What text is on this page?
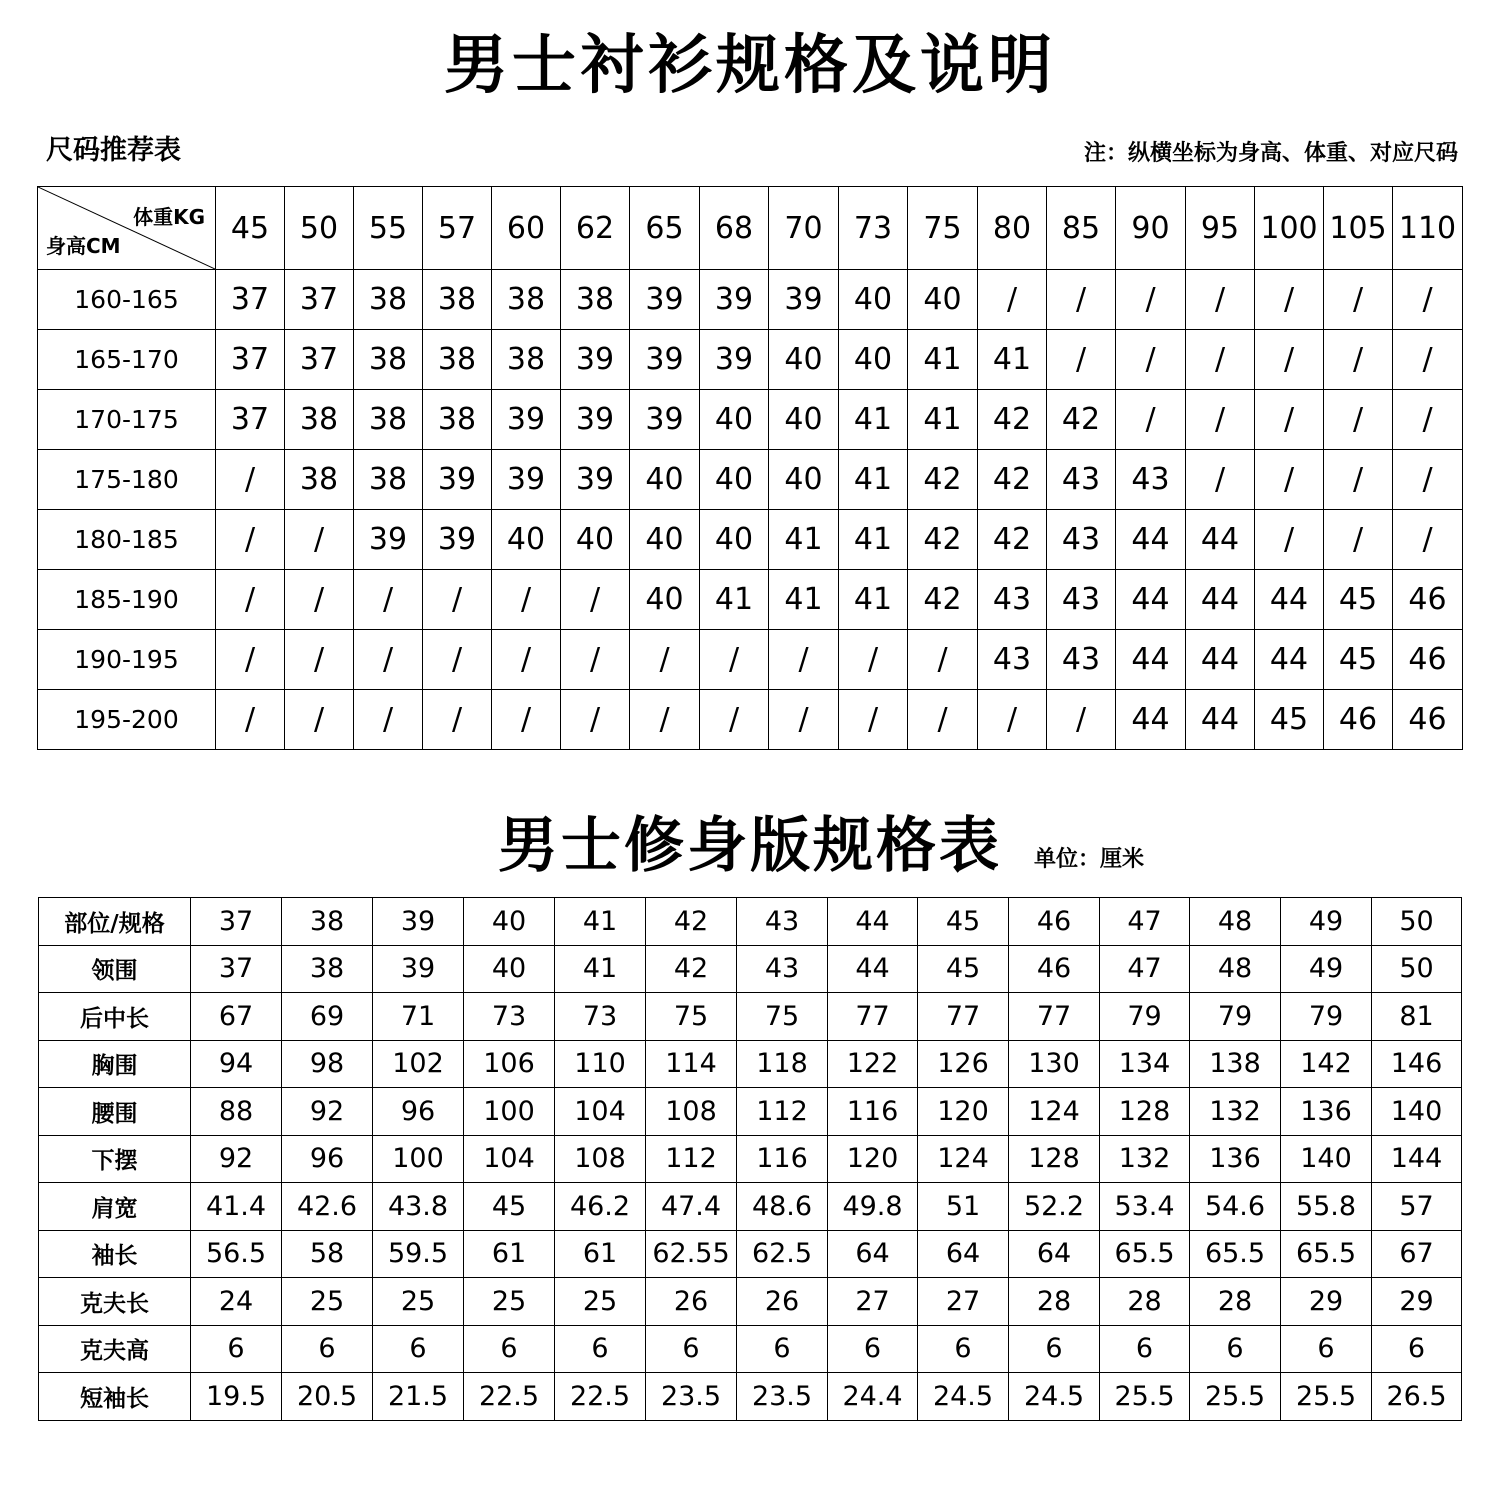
男士衬衫规格及说明
尺码推荐表	注：纵横坐标为身高、体重、对应尺码
体重KG
身高CM	45	50	55	57	60	62	65	68	70	73	75	80	85	90	95	100	105	110
160-165	37	37	38	38	38	38	39	39	39	40	40	/	/	/	/	/	/	/
165-170	37	37	38	38	38	39	39	39	40	40	41	41	/	/	/	/	/	/
170-175	37	38	38	38	39	39	39	40	40	41	41	42	42	/	/	/	/	/
175-180	/	38	38	39	39	39	40	40	40	41	42	42	43	43	/	/	/	/
180-185	/	/	39	39	40	40	40	40	41	41	42	42	43	44	44	/	/	/
185-190	/	/	/	/	/	/	40	41	41	41	42	43	43	44	44	44	45	46
190-195	/	/	/	/	/	/	/	/	/	/	/	43	43	44	44	44	45	46
195-200	/	/	/	/	/	/	/	/	/	/	/	/	/	44	44	45	46	46
男士修身版规格表 单位：厘米
部位/规格	37	38	39	40	41	42	43	44	45	46	47	48	49	50
领围	37	38	39	40	41	42	43	44	45	46	47	48	49	50
后中长	67	69	71	73	73	75	75	77	77	77	79	79	79	81
胸围	94	98	102	106	110	114	118	122	126	130	134	138	142	146
腰围	88	92	96	100	104	108	112	116	120	124	128	132	136	140
下摆	92	96	100	104	108	112	116	120	124	128	132	136	140	144
肩宽	41.4	42.6	43.8	45	46.2	47.4	48.6	49.8	51	52.2	53.4	54.6	55.8	57
袖长	56.5	58	59.5	61	61	62.55	62.5	64	64	64	65.5	65.5	65.5	67
克夫长	24	25	25	25	25	26	26	27	27	28	28	28	29	29
克夫高	6	6	6	6	6	6	6	6	6	6	6	6	6	6
短袖长	19.5	20.5	21.5	22.5	22.5	23.5	23.5	24.4	24.5	24.5	25.5	25.5	25.5	26.5
